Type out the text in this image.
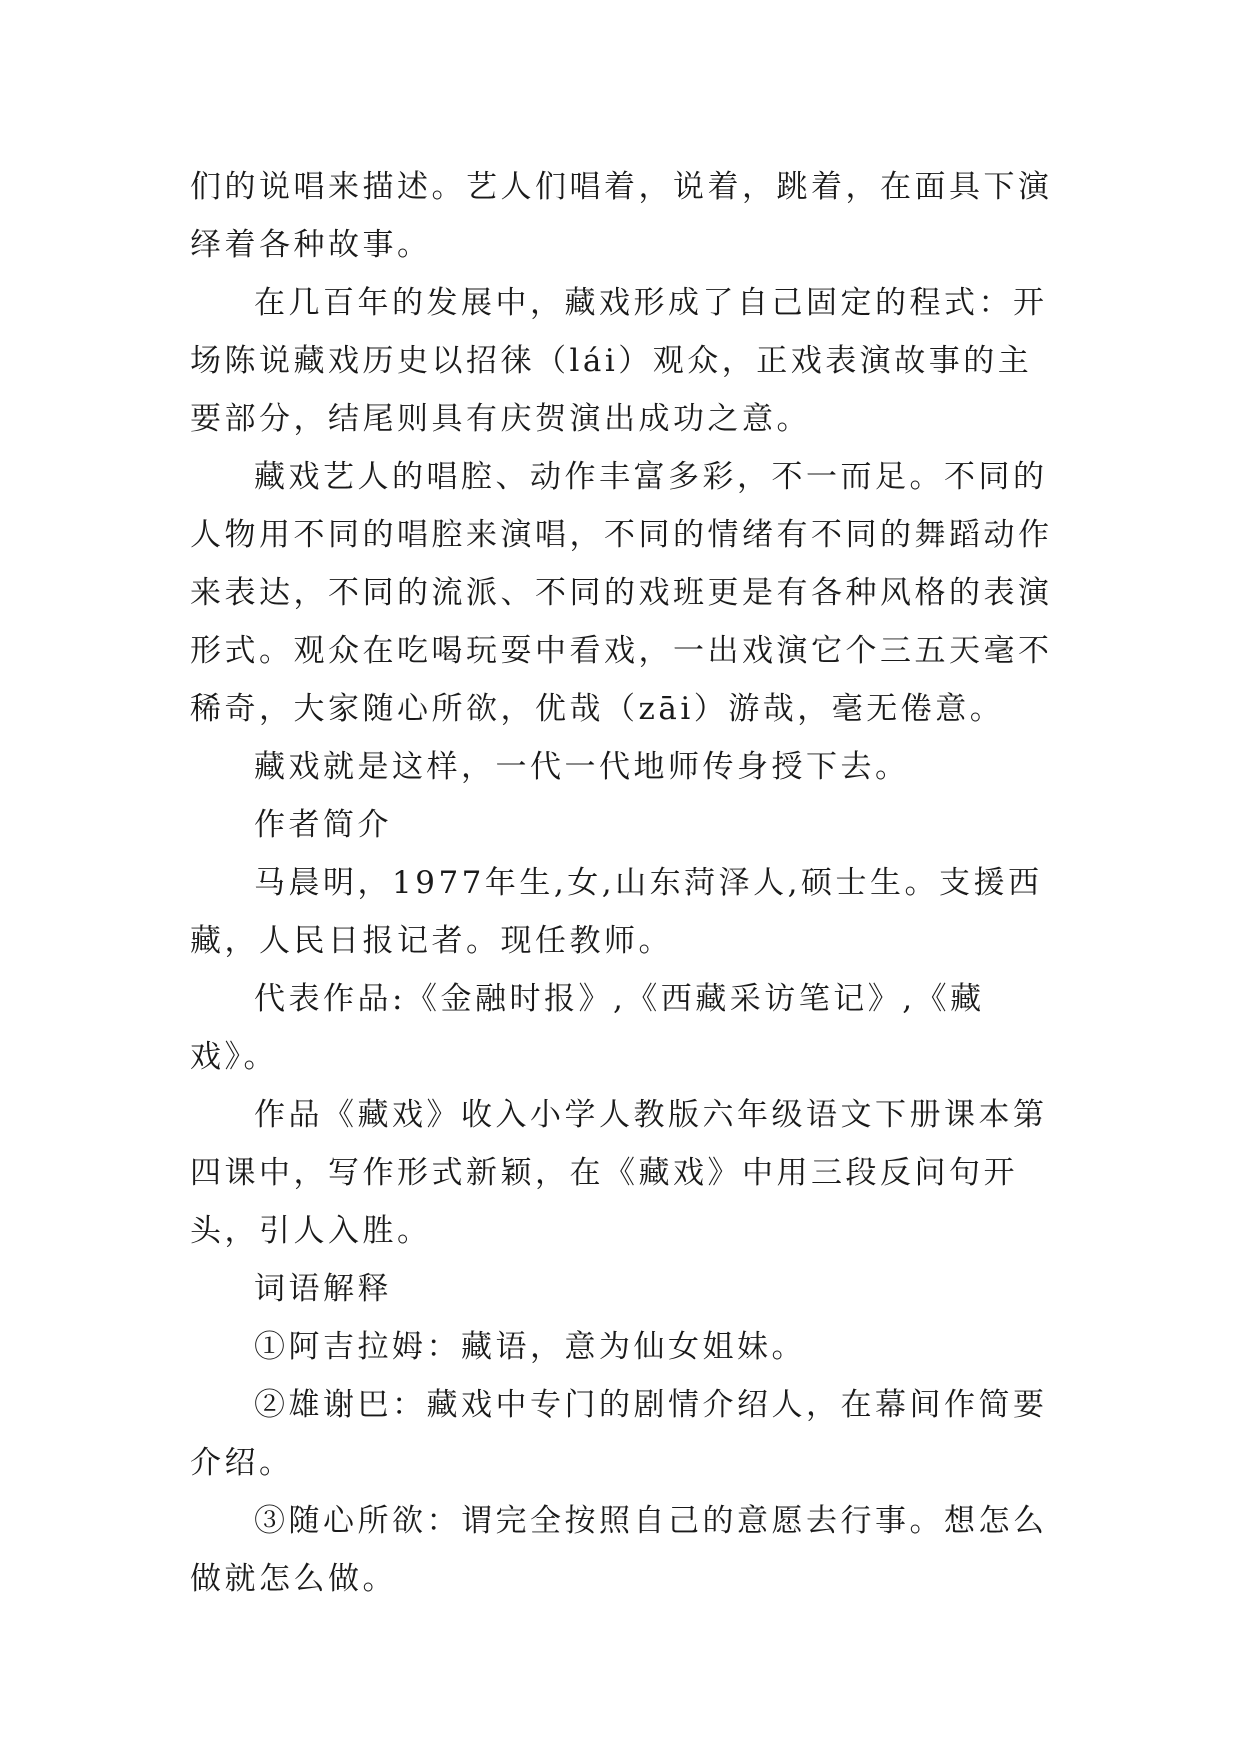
们的说唱来描述。艺人们唱着，说着，跳着，在面具下演绎着各种故事。

在几百年的发展中，藏戏形成了自己固定的程式：开场陈说藏戏历史以招徕（lái）观众，正戏表演故事的主要部分，结尾则具有庆贺演出成功之意。

藏戏艺人的唱腔、动作丰富多彩，不一而足。不同的人物用不同的唱腔来演唱，不同的情绪有不同的舞蹈动作来表达，不同的流派、不同的戏班更是有各种风格的表演形式。观众在吃喝玩耍中看戏，一出戏演它个三五天毫不稀奇，大家随心所欲，优哉（zāi）游哉，毫无倦意。

藏戏就是这样，一代一代地师传身授下去。

作者简介

马晨明，1977年生,女,山东菏泽人,硕士生。支援西藏，人民日报记者。现任教师。

代表作品:《金融时报》,《西藏采访笔记》,《藏戏》。

作品《藏戏》收入小学人教版六年级语文下册课本第四课中，写作形式新颖，在《藏戏》中用三段反问句开头，引人入胜。

词语解释

①阿吉拉姆：藏语，意为仙女姐妹。

②雄谢巴：藏戏中专门的剧情介绍人，在幕间作简要介绍。

③随心所欲：谓完全按照自己的意愿去行事。想怎么做就怎么做。
